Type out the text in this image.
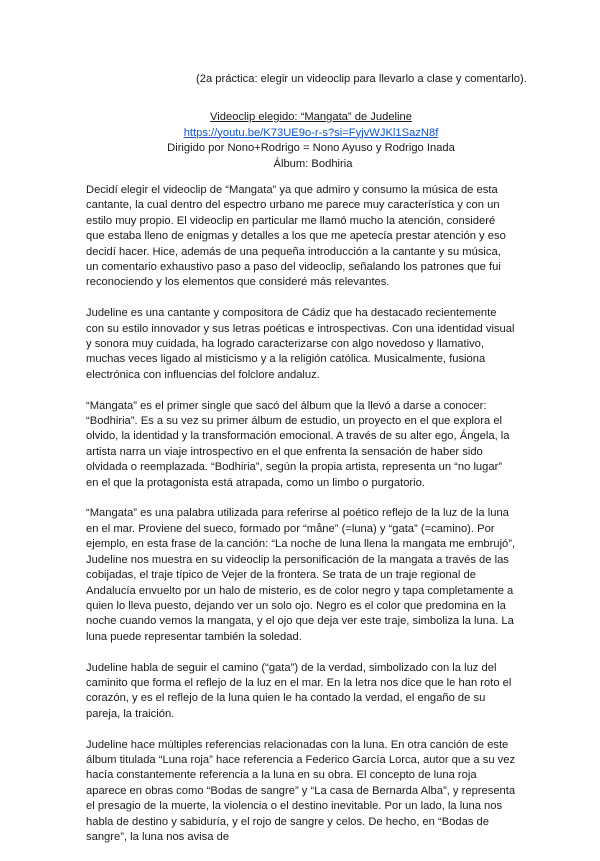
(2a práctica: elegir un videoclip para llevarlo a clase y comentarlo).
Videoclip elegido: “Mangata” de Judeline
https://youtu.be/K73UE9o-r-s?si=FyjvWJKl1SazN8f
Dirigido por Nono+Rodrigo = Nono Ayuso y Rodrigo Inada
Álbum: Bodhiria

Decidí elegir el videoclip de “Mangata” ya que admiro y consumo la música de esta cantante, la cual dentro del espectro urbano me parece muy característica y con un estilo muy propio. El videoclip en particular me llamó mucho la atención, consideré que estaba lleno de enigmas y detalles a los que me apetecía prestar atención y eso decidí hacer. Hice, además de una pequeña introducción a la cantante y su música, un comentario exhaustivo paso a paso del videoclip, señalando los patrones que fui reconociendo y los elementos que consideré más relevantes.

Judeline es una cantante y compositora de Cádiz que ha destacado recientemente con su estilo innovador y sus letras poéticas e introspectivas. Con una identidad visual y sonora muy cuidada, ha logrado caracterizarse con algo novedoso y llamativo, muchas veces ligado al misticismo y a la religión católica. Musicalmente, fusiona electrónica con influencias del folclore andaluz.

“Mangata” es el primer single que sacó del álbum que la llevó a darse a conocer: “Bodhiria”. Es a su vez su primer álbum de estudio, un proyecto en el que explora el olvido, la identidad y la transformación emocional. A través de su alter ego, Ángela, la artista narra un viaje introspectivo en el que enfrenta la sensación de haber sido olvidada o reemplazada. “Bodhiria”, según la propia artista, representa un “no lugar” en el que la protagonista está atrapada, como un limbo o purgatorio.

“Mangata” es una palabra utilizada para referirse al poético reflejo de la luz de la luna en el mar. Proviene del sueco, formado por “måne” (=luna) y “gata” (=camino). Por ejemplo, en esta frase de la canción: “La noche de luna llena la mangata me embrujó”, Judeline nos muestra en su videoclip la personificación de la mangata a través de las cobijadas, el traje típico de Vejer de la frontera. Se trata de un traje regional de Andalucía envuelto por un halo de misterio, es de color negro y tapa completamente a quien lo lleva puesto, dejando ver un solo ojo. Negro es el color que predomina en la noche cuando vemos la mangata, y el ojo que deja ver este traje, simboliza la luna. La luna puede representar también la soledad.

Judeline habla de seguir el camino (“gata”) de la verdad, simbolizado con la luz del caminito que forma el reflejo de la luz en el mar. En la letra nos dice que le han roto el corazón, y es el reflejo de la luna quien le ha contado la verdad, el engaño de su pareja, la traición.

Judeline hace múltiples referencias relacionadas con la luna. En otra canción de este álbum titulada “Luna roja” hace referencia a Federico García Lorca, autor que a su vez hacía constantemente referencia a la luna en su obra. El concepto de luna roja aparece en obras como “Bodas de sangre” y “La casa de Bernarda Alba”, y representa el presagio de la muerte, la violencia o el destino inevitable. Por un lado, la luna nos habla de destino y sabiduría, y el rojo de sangre y celos. De hecho, en “Bodas de sangre”, la luna nos avisa de
